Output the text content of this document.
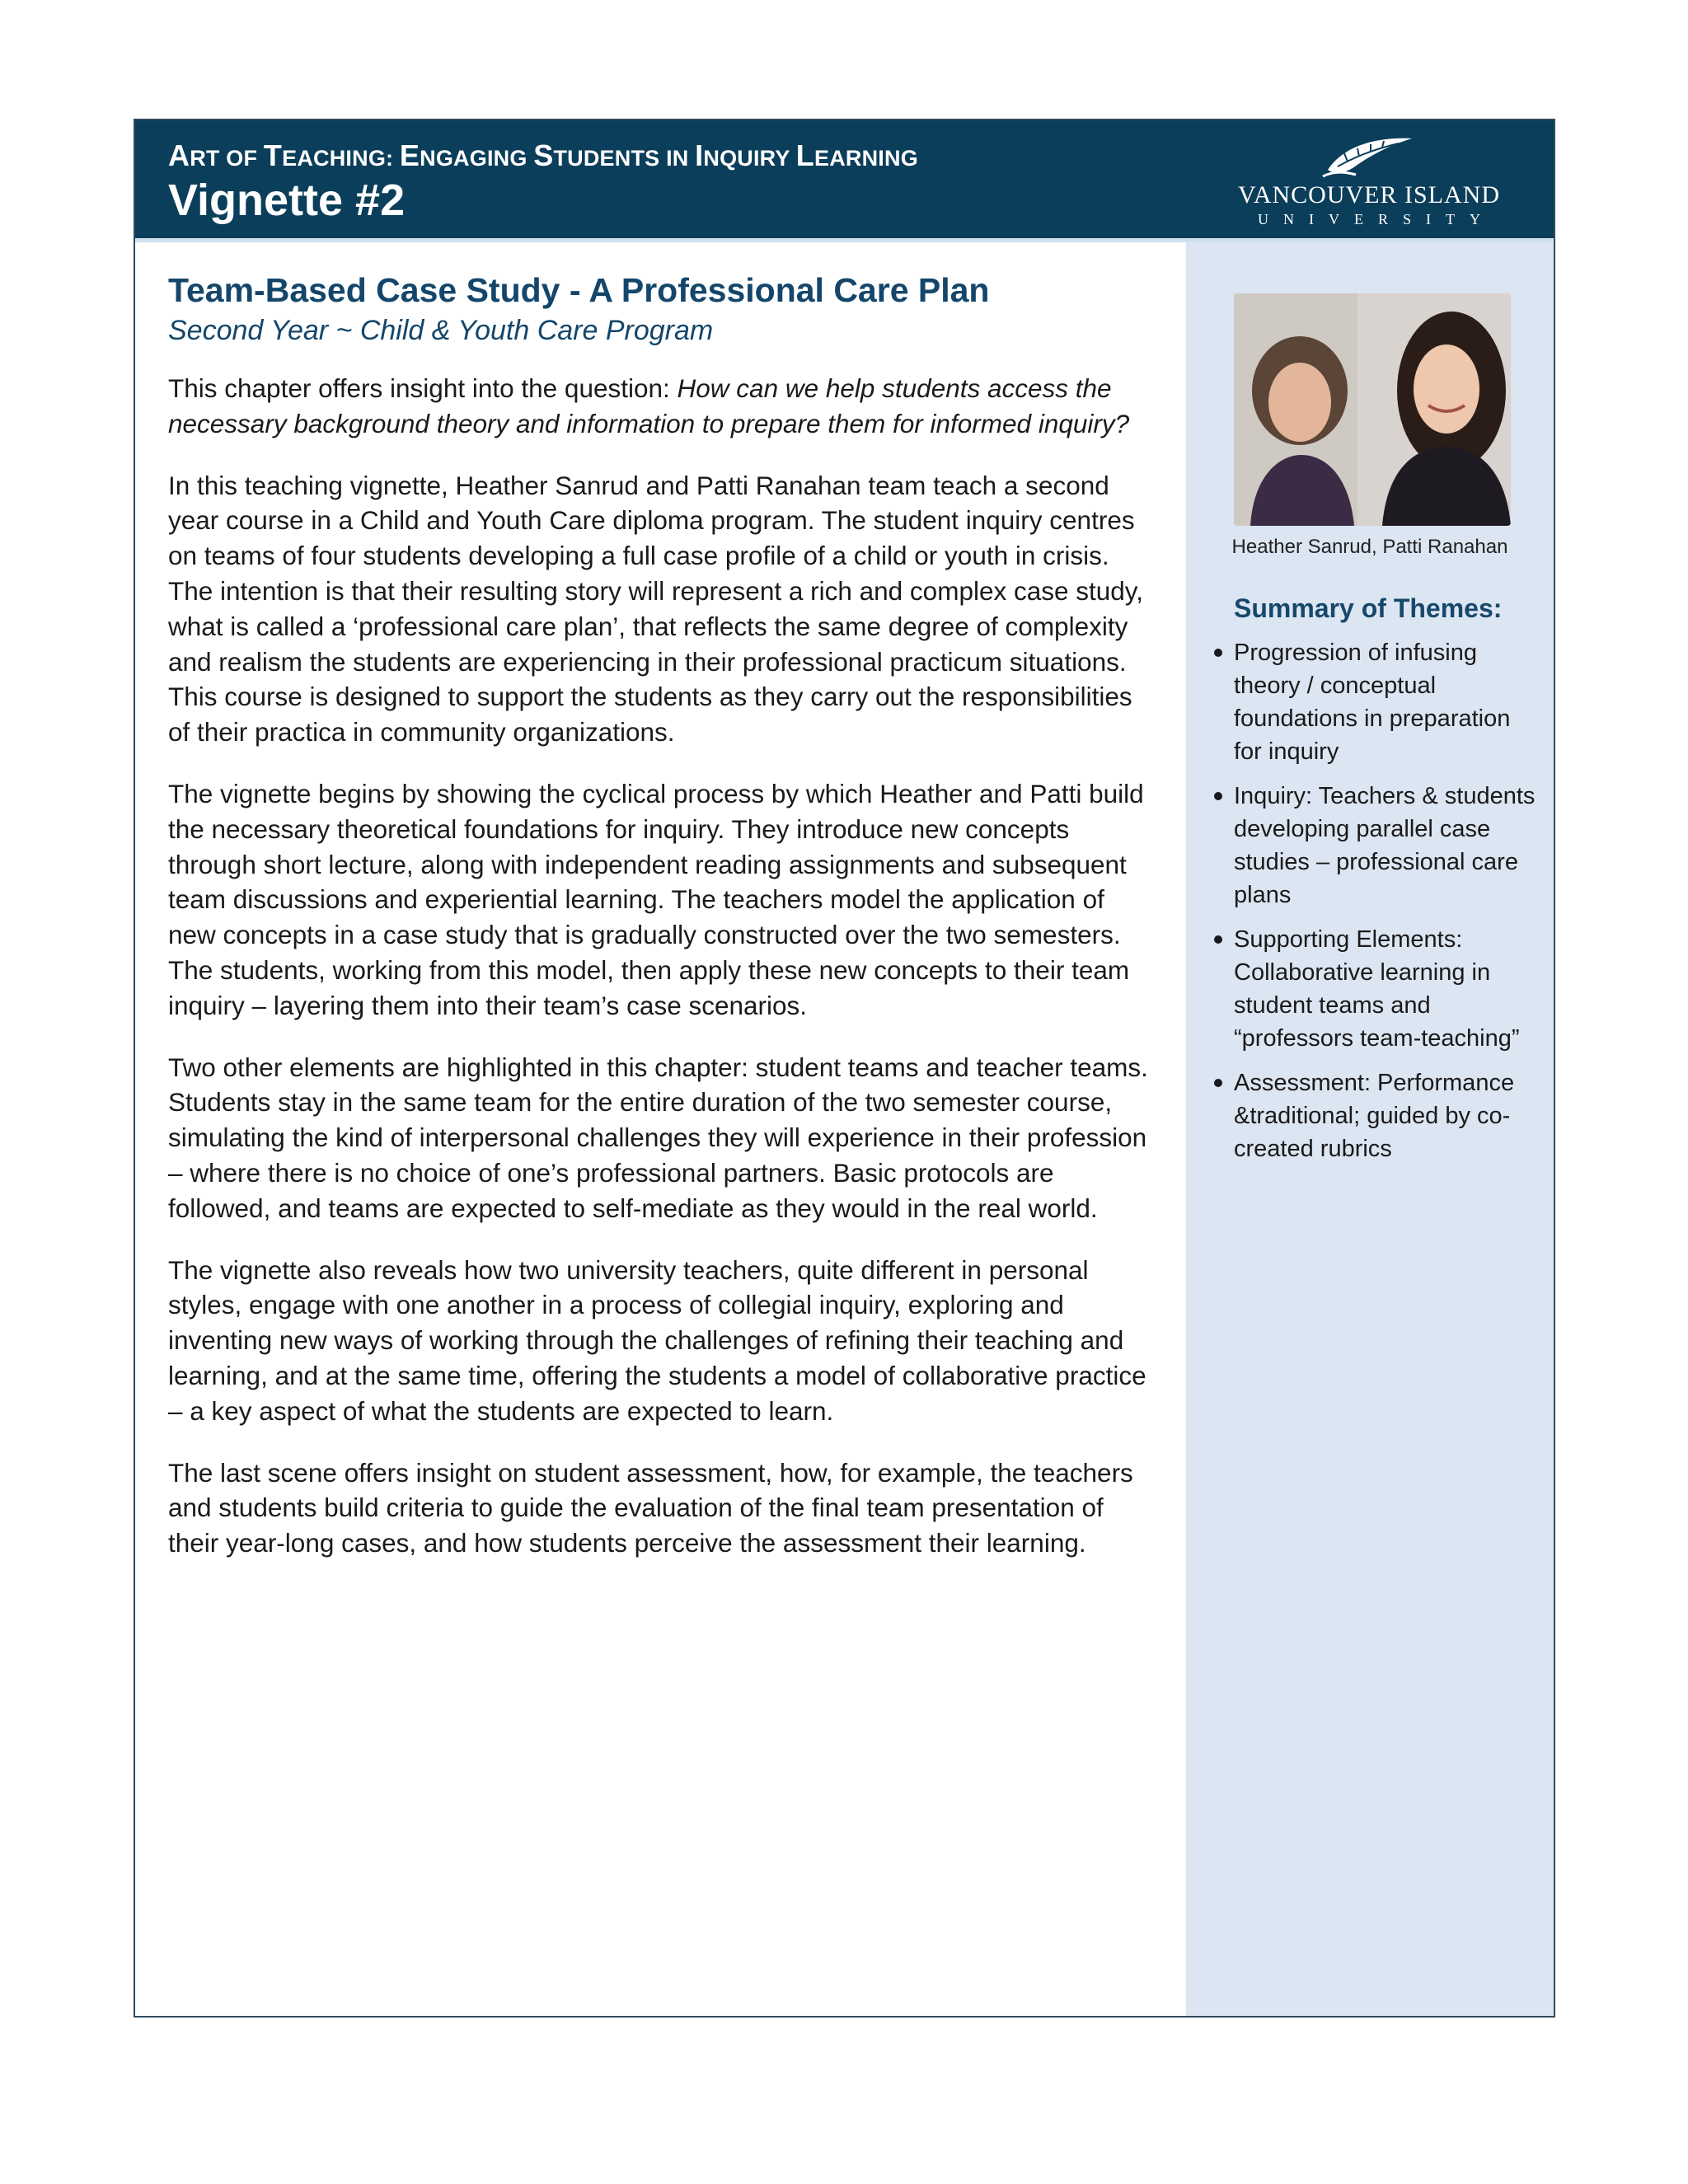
ART OF TEACHING: ENGAGING STUDENTS IN INQUIRY LEARNING
Vignette #2	VANCOUVER ISLAND
UNIVERSITY
Team-Based Case Study - A Professional Care Plan

Second Year ~ Child & Youth Care Program

This chapter offers insight into the question: How can we help students access the necessary background theory and information to prepare them for informed inquiry?

In this teaching vignette, Heather Sanrud and Patti Ranahan team teach a second year course in a Child and Youth Care diploma program. The student inquiry centres on teams of four students developing a full case profile of a child or youth in crisis. The intention is that their resulting story will represent a rich and complex case study, what is called a ‘professional care plan’, that reflects the same degree of complexity and realism the students are experiencing in their professional practicum situations. This course is designed to support the students as they carry out the responsibilities of their practica in community organizations.

The vignette begins by showing the cyclical process by which Heather and Patti build the necessary theoretical foundations for inquiry. They introduce new concepts through short lecture, along with independent reading assignments and subsequent team discussions and experiential learning. The teachers model the application of new concepts in a case study that is gradually constructed over the two semesters. The students, working from this model, then apply these new concepts to their team inquiry – layering them into their team’s case scenarios.

Two other elements are highlighted in this chapter: student teams and teacher teams. Students stay in the same team for the entire duration of the two semester course, simulating the kind of interpersonal challenges they will experience in their profession – where there is no choice of one’s professional partners. Basic protocols are followed, and teams are expected to self-mediate as they would in the real world.

The vignette also reveals how two university teachers, quite different in personal styles, engage with one another in a process of collegial inquiry, exploring and inventing new ways of working through the challenges of refining their teaching and learning, and at the same time, offering the students a model of collaborative practice – a key aspect of what the students are expected to learn.

The last scene offers insight on student assessment, how, for example, the teachers and students build criteria to guide the evaluation of the final team presentation of their year-long cases, and how students perceive the assessment their learning.

Heather Sanrud, Patti Ranahan
Summary of Themes:
Progression of infusing theory / conceptual foundations in preparation for inquiry
Inquiry: Teachers & students developing parallel case studies – professional care plans
Supporting Elements: Collaborative learning in student teams and “professors team-teaching”
Assessment: Performance &traditional; guided by co-created rubrics
